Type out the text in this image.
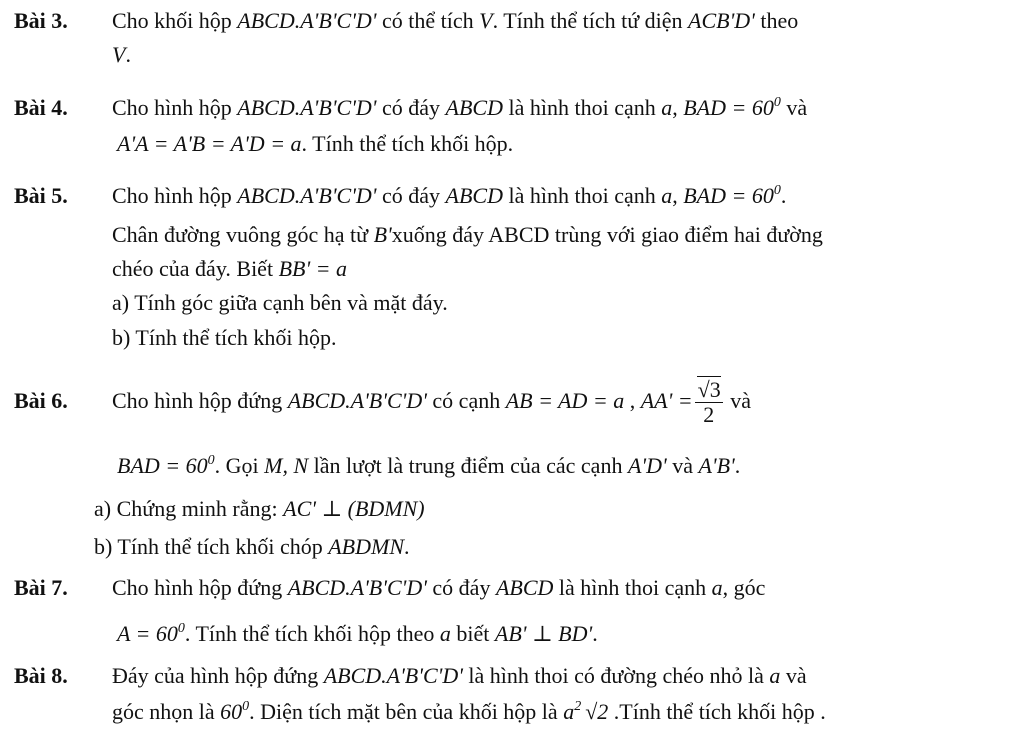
Bài 3. Cho khối hộp ABCD.A'B'C'D' có thể tích V. Tính thể tích tứ diện ACB'D' theo
V.
Bài 4. Cho hình hộp ABCD.A'B'C'D' có đáy ABCD là hình thoi cạnh a, BAD = $60^0$ và
A'A = A'B = A'D = a. Tính thể tích khối hộp.
Bài 5. Cho hình hộp ABCD.A'B'C'D' có đáy ABCD là hình thoi cạnh a, BAD = $60^0$.
Chân đường vuông góc hạ từ B'xuống đáy ABCD trùng với giao điểm hai đường
chéo của đáy. Biết BB' = a
a) Tính góc giữa cạnh bên và mặt đáy.
b) Tính thể tích khối hộp.
Bài 6. Cho hình hộp đứng ABCD.A'B'C'D' có cạnh AB = AD = a , $AA' = \frac{√3}{2}$ và
BAD = $60^0$. Gọi M, N lần lượt là trung điểm của các cạnh A'D' và A'B'.
a) Chứng minh rằng: AC' ⊥ (BDMN)
b) Tính thể tích khối chóp ABDMN.
Bài 7. Cho hình hộp đứng ABCD.A'B'C'D' có đáy ABCD là hình thoi cạnh a, góc
$A = 60^0$. Tính thể tích khối hộp theo a biết AB' ⊥ BD'.
Bài 8. Đáy của hình hộp đứng ABCD.A'B'C'D' là hình thoi có đường chéo nhỏ là a và
góc nhọn là $60^0$. Diện tích mặt bên của khối hộp là $a^2$ √2 .Tính thể tích khối hộp .
